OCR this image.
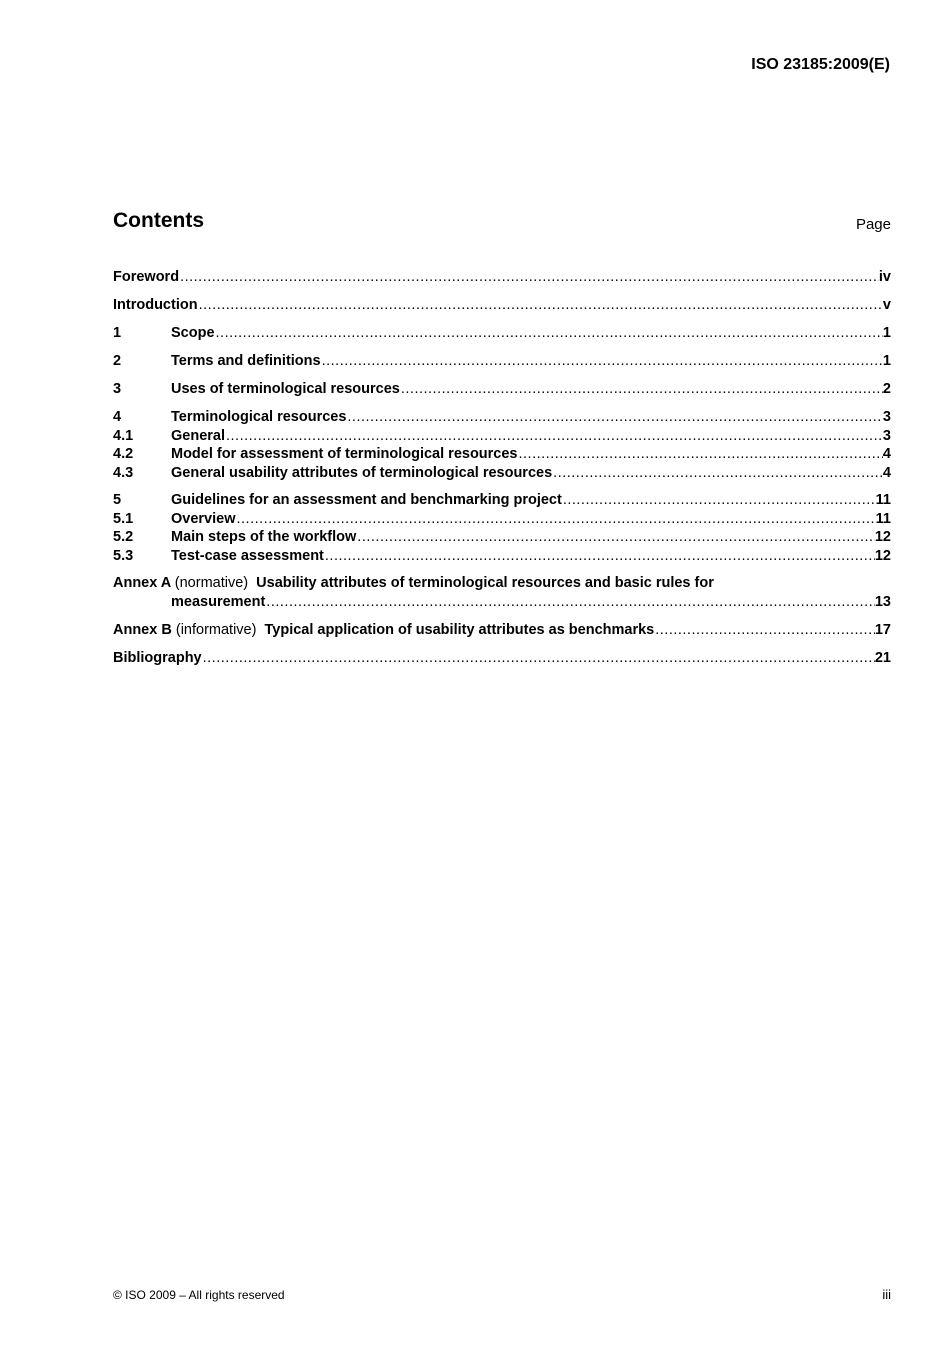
ISO 23185:2009(E)
Contents	Page
Foreword .....	iv
Introduction .....	v
1	Scope .....	1
2	Terms and definitions .....	1
3	Uses of terminological resources .....	2
4	Terminological resources .....	3
4.1	General .....	3
4.2	Model for assessment of terminological resources .....	4
4.3	General usability attributes of terminological resources .....	4
5	Guidelines for an assessment and benchmarking project .....	11
5.1	Overview .....	11
5.2	Main steps of the workflow .....	12
5.3	Test-case assessment .....	12
Annex A (normative) Usability attributes of terminological resources and basic rules for
measurement .....	13
Annex B (informative) Typical application of usability attributes as benchmarks .....	17
Bibliography .....	21
© ISO 2009 – All rights reserved	iii
